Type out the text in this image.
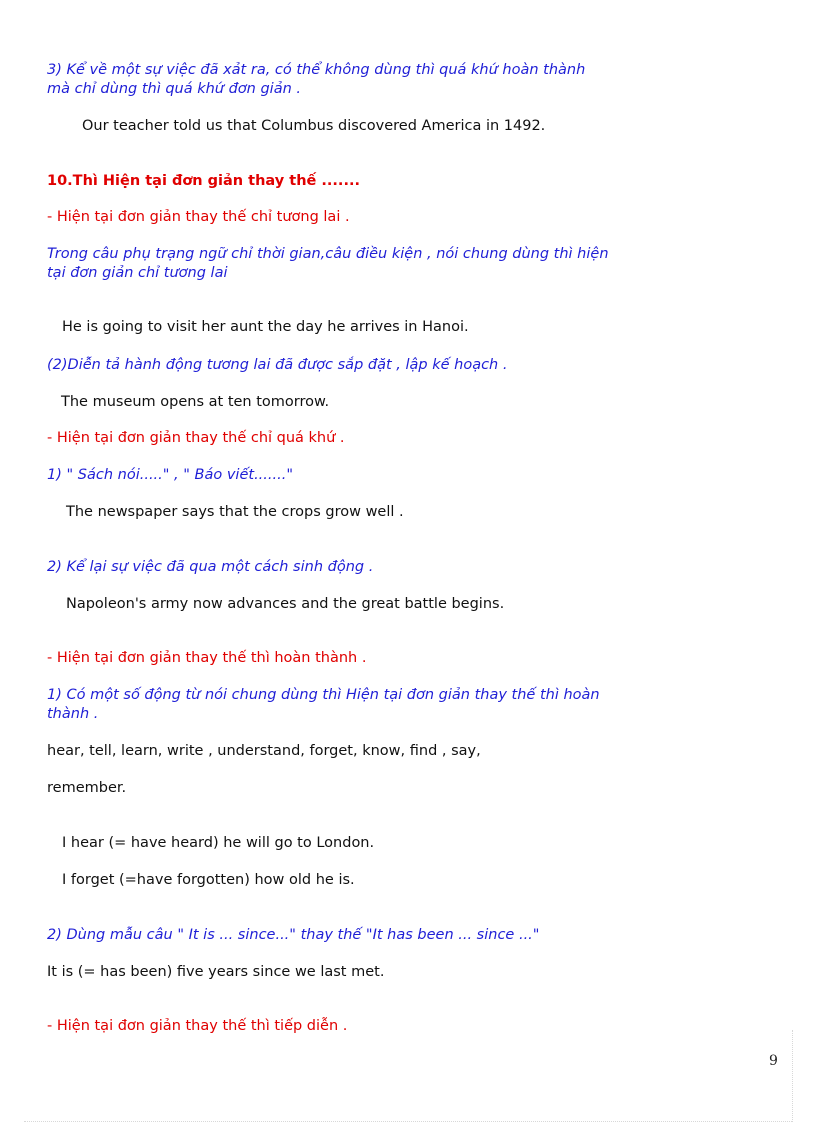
3) Kể về một sự việc đã xảt ra, có thể không dùng thì quá khứ hoàn thành
mà chỉ dùng thì quá khứ đơn giản .
Our teacher told us that Columbus discovered America in 1492.
10.Thì Hiện tại đơn giản thay thế .......
- Hiện tại đơn giản thay thế chỉ tương lai .
Trong câu phụ trạng ngữ chỉ thời gian,câu điều kiện , nói chung dùng thì hiện
tại đơn giản chỉ tương lai
He is going to visit her aunt the day he arrives in Hanoi.
(2)Diễn tả hành động tương lai đã được sắp đặt , lập kế hoạch .
The museum opens at ten tomorrow.
- Hiện tại đơn giản thay thế chỉ quá khứ .
1) " Sách nói....." , " Báo viết......."
The newspaper says that the crops grow well .
2) Kể lại sự việc đã qua một cách sinh động .
Napoleon's army now advances and the great battle begins.
- Hiện tại đơn giản thay thế thì hoàn thành .
1) Có một số động từ nói chung dùng thì Hiện tại đơn giản thay thế thì hoàn
thành .
hear, tell, learn, write , understand, forget, know, find , say,
remember.
I hear (= have heard) he will go to London.
I forget (=have forgotten) how old he is.
2) Dùng mẫu câu " It is ... since..." thay thế "It has been ... since ..."
It is (= has been) five years since we last met.
- Hiện tại đơn giản thay thế thì tiếp diễn .
9
